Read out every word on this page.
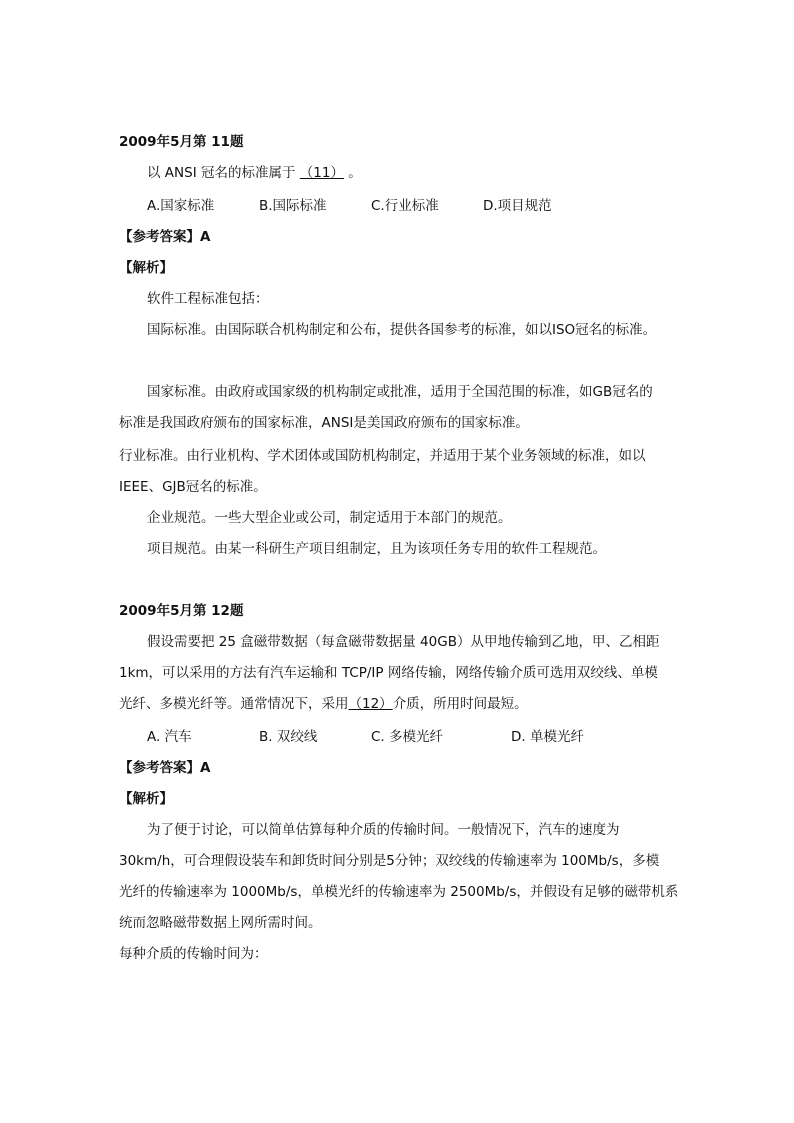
2009年5月第 11题
以 ANSI 冠名的标准属于 （11） 。
A.国家标准	B.国际标准	C.行业标准	D.项目规范
【参考答案】A
【解析】
软件工程标准包括：
国际标准。由国际联合机构制定和公布，提供各国参考的标准，如以ISO冠名的标准。
国家标准。由政府或国家级的机构制定或批准，适用于全国范围的标准，如GB冠名的
标准是我国政府颁布的国家标准，ANSI是美国政府颁布的国家标准。
行业标准。由行业机构、学术团体或国防机构制定，并适用于某个业务领域的标准，如以
IEEE、GJB冠名的标准。
企业规范。一些大型企业或公司，制定适用于本部门的规范。
项目规范。由某一科研生产项目组制定，且为该项任务专用的软件工程规范。
2009年5月第 12题
假设需要把 25 盒磁带数据（每盒磁带数据量 40GB）从甲地传输到乙地，甲、乙相距
1km，可以采用的方法有汽车运输和 TCP/IP 网络传输，网络传输介质可选用双绞线、单模
光纤、多模光纤等。通常情况下，采用（12）介质，所用时间最短。
A. 汽车	B. 双绞线	C. 多模光纤	D. 单模光纤
【参考答案】A
【解析】
为了便于讨论，可以简单估算每种介质的传输时间。一般情况下，汽车的速度为
30km/h，可合理假设装车和卸货时间分别是5分钟；双绞线的传输速率为 100Mb/s，多模
光纤的传输速率为 1000Mb/s，单模光纤的传输速率为 2500Mb/s，并假设有足够的磁带机系
统而忽略磁带数据上网所需时间。
每种介质的传输时间为：
